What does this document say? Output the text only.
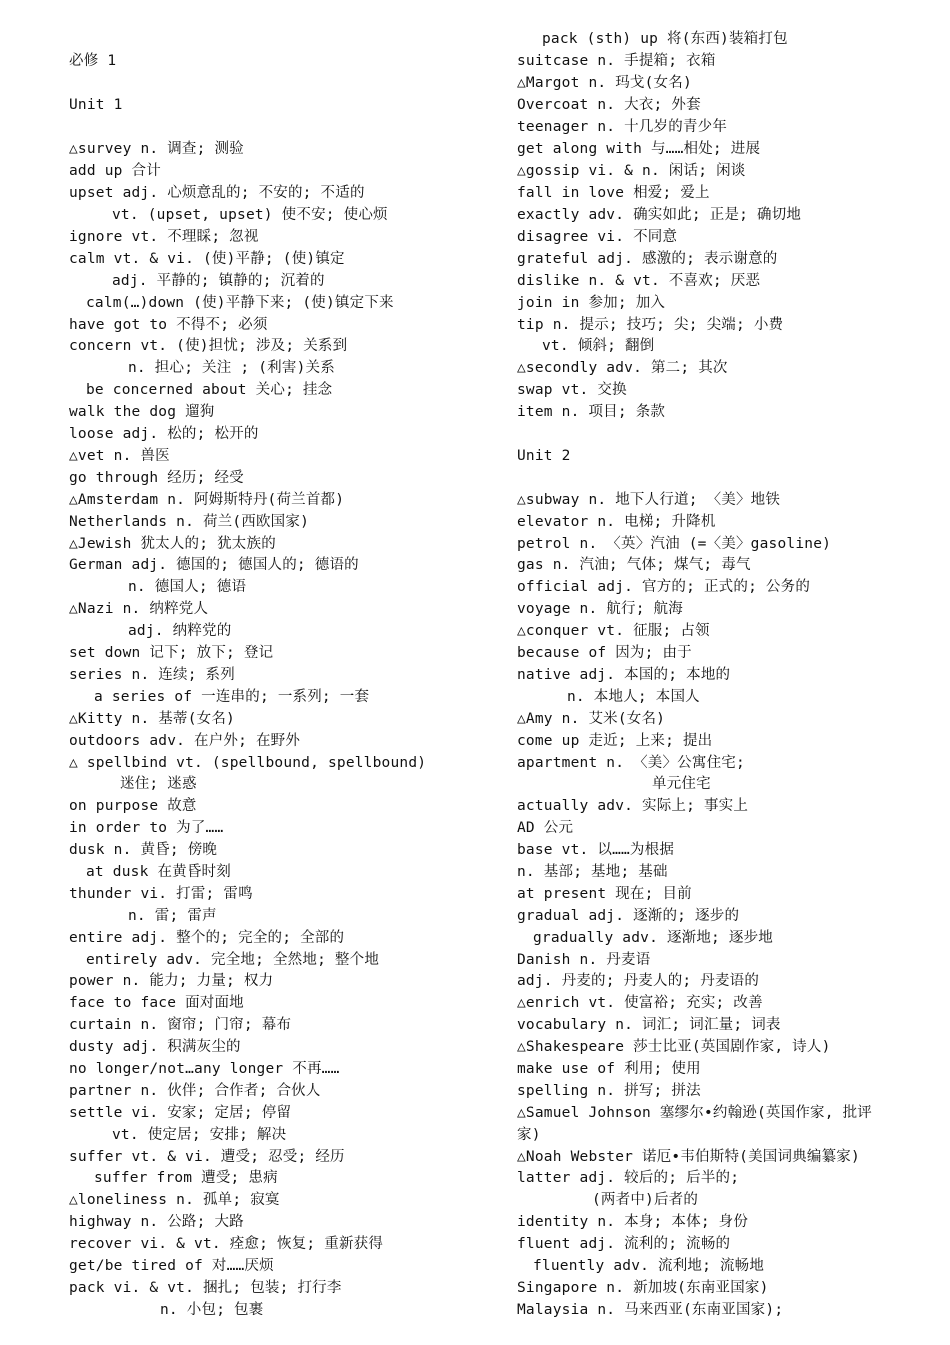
必修 1
Unit 1
△survey n. 调查; 测验
add up 合计
upset adj. 心烦意乱的; 不安的; 不适的
vt. (upset, upset) 使不安; 使心烦
ignore vt. 不理睬; 忽视
calm vt. & vi. (使)平静; (使)镇定
adj. 平静的; 镇静的; 沉着的
calm(…)down (使)平静下来; (使)镇定下来
have got to 不得不; 必须
concern vt. (使)担忧; 涉及; 关系到
n. 担心; 关注 ; (利害)关系
be concerned about 关心; 挂念
walk the dog 遛狗
loose adj. 松的; 松开的
△vet n. 兽医
go through 经历; 经受
△Amsterdam n. 阿姆斯特丹(荷兰首都)
Netherlands n. 荷兰(西欧国家)
△Jewish 犹太人的; 犹太族的
German adj. 德国的; 德国人的; 德语的
n. 德国人; 德语
△Nazi n. 纳粹党人
adj. 纳粹党的
set down 记下; 放下; 登记
series n. 连续; 系列
a series of 一连串的; 一系列; 一套
△Kitty n. 基蒂(女名)
outdoors adv. 在户外; 在野外
△ spellbind vt. (spellbound, spellbound)
迷住; 迷惑
on purpose 故意
in order to 为了……
dusk n. 黄昏; 傍晚
at dusk 在黄昏时刻
thunder vi. 打雷; 雷鸣
n. 雷; 雷声
entire adj. 整个的; 完全的; 全部的
entirely adv. 完全地; 全然地; 整个地
power n. 能力; 力量; 权力
face to face 面对面地
curtain n. 窗帘; 门帘; 幕布
dusty adj. 积满灰尘的
no longer/not…any longer 不再……
partner n. 伙伴; 合作者; 合伙人
settle vi. 安家; 定居; 停留
vt. 使定居; 安排; 解决
suffer vt. & vi. 遭受; 忍受; 经历
suffer from 遭受; 患病
△loneliness n. 孤单; 寂寞
highway n. 公路; 大路
recover vi. & vt. 痊愈; 恢复; 重新获得
get/be tired of 对……厌烦
pack vi. & vt. 捆扎; 包装; 打行李
n. 小包; 包裹
pack (sth) up 将(东西)装箱打包
suitcase n. 手提箱; 衣箱
△Margot n. 玛戈(女名)
Overcoat n. 大衣; 外套
teenager n. 十几岁的青少年
get along with 与……相处; 进展
△gossip vi. & n. 闲话; 闲谈
fall in love 相爱; 爱上
exactly adv. 确实如此; 正是; 确切地
disagree vi. 不同意
grateful adj. 感激的; 表示谢意的
dislike n. & vt. 不喜欢; 厌恶
join in 参加; 加入
tip n. 提示; 技巧; 尖; 尖端; 小费
vt. 倾斜; 翻倒
△secondly adv. 第二; 其次
swap vt. 交换
item n. 项目; 条款
Unit 2
△subway n. 地下人行道; 〈美〉地铁
elevator n. 电梯; 升降机
petrol n. 〈英〉汽油 (=〈美〉gasoline)
gas n. 汽油; 气体; 煤气; 毒气
official adj. 官方的; 正式的; 公务的
voyage n. 航行; 航海
△conquer vt. 征服; 占领
because of 因为; 由于
native adj. 本国的; 本地的
n. 本地人; 本国人
△Amy n. 艾米(女名)
come up 走近; 上来; 提出
apartment n. 〈美〉公寓住宅;
单元住宅
actually adv. 实际上; 事实上
AD 公元
base vt. 以……为根据
n. 基部; 基地; 基础
at present 现在; 目前
gradual adj. 逐渐的; 逐步的
gradually adv. 逐渐地; 逐步地
Danish n. 丹麦语
adj. 丹麦的; 丹麦人的; 丹麦语的
△enrich vt. 使富裕; 充实; 改善
vocabulary n. 词汇; 词汇量; 词表
△Shakespeare 莎士比亚(英国剧作家, 诗人)
make use of 利用; 使用
spelling n. 拼写; 拼法
△Samuel Johnson 塞缪尔•约翰逊(英国作家, 批评
家)
△Noah Webster 诺厄•韦伯斯特(美国词典编纂家)
latter adj. 较后的; 后半的;
(两者中)后者的
identity n. 本身; 本体; 身份
fluent adj. 流利的; 流畅的
fluently adv. 流利地; 流畅地
Singapore n. 新加坡(东南亚国家)
Malaysia n. 马来西亚(东南亚国家);
